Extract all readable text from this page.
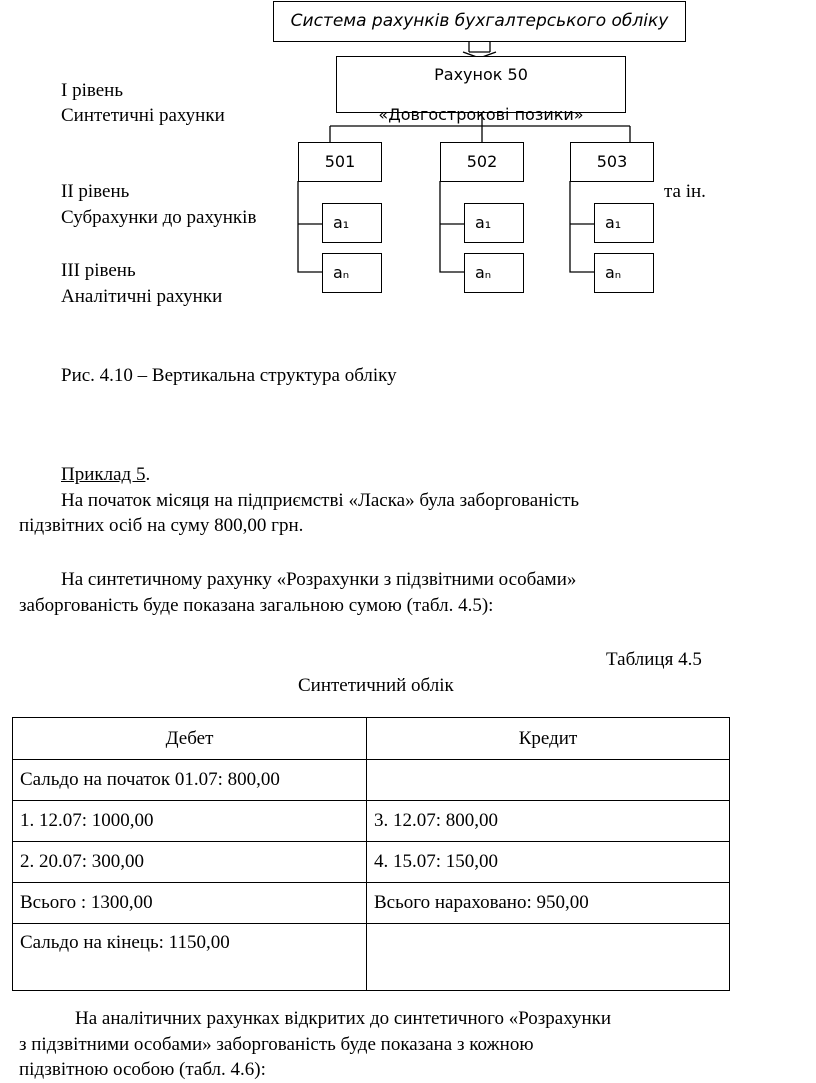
Система рахунків бухгалтерського обліку
Рахунок 50
«Довгострокові позики»
501	502	503
a₁	a₁	a₁
aₙ	aₙ	aₙ
та ін.
I рівень
Синтетичні рахунки
II рівень
Субрахунки до рахунків
III рівень
Аналітичні рахунки
Рис. 4.10 – Вертикальна структура обліку
Приклад 5.
На початок місяця на підприємстві «Ласка» була заборгованість
підзвітних осіб на суму 800,00 грн.
На синтетичному рахунку «Розрахунки з підзвітними особами»
заборгованість буде показана загальною сумою (табл. 4.5):
Таблиця 4.5
Синтетичний облік
Дебет	Кредит
Сальдо на початок 01.07: 800,00	
1. 12.07: 1000,00	3. 12.07: 800,00
2. 20.07: 300,00	4. 15.07: 150,00
Всього : 1300,00	Всього нараховано: 950,00
Сальдо на кінець: 1150,00	
На аналітичних рахунках відкритих до синтетичного «Розрахунки
з підзвітними особами» заборгованість буде показана з кожною
підзвітною особою (табл. 4.6):
